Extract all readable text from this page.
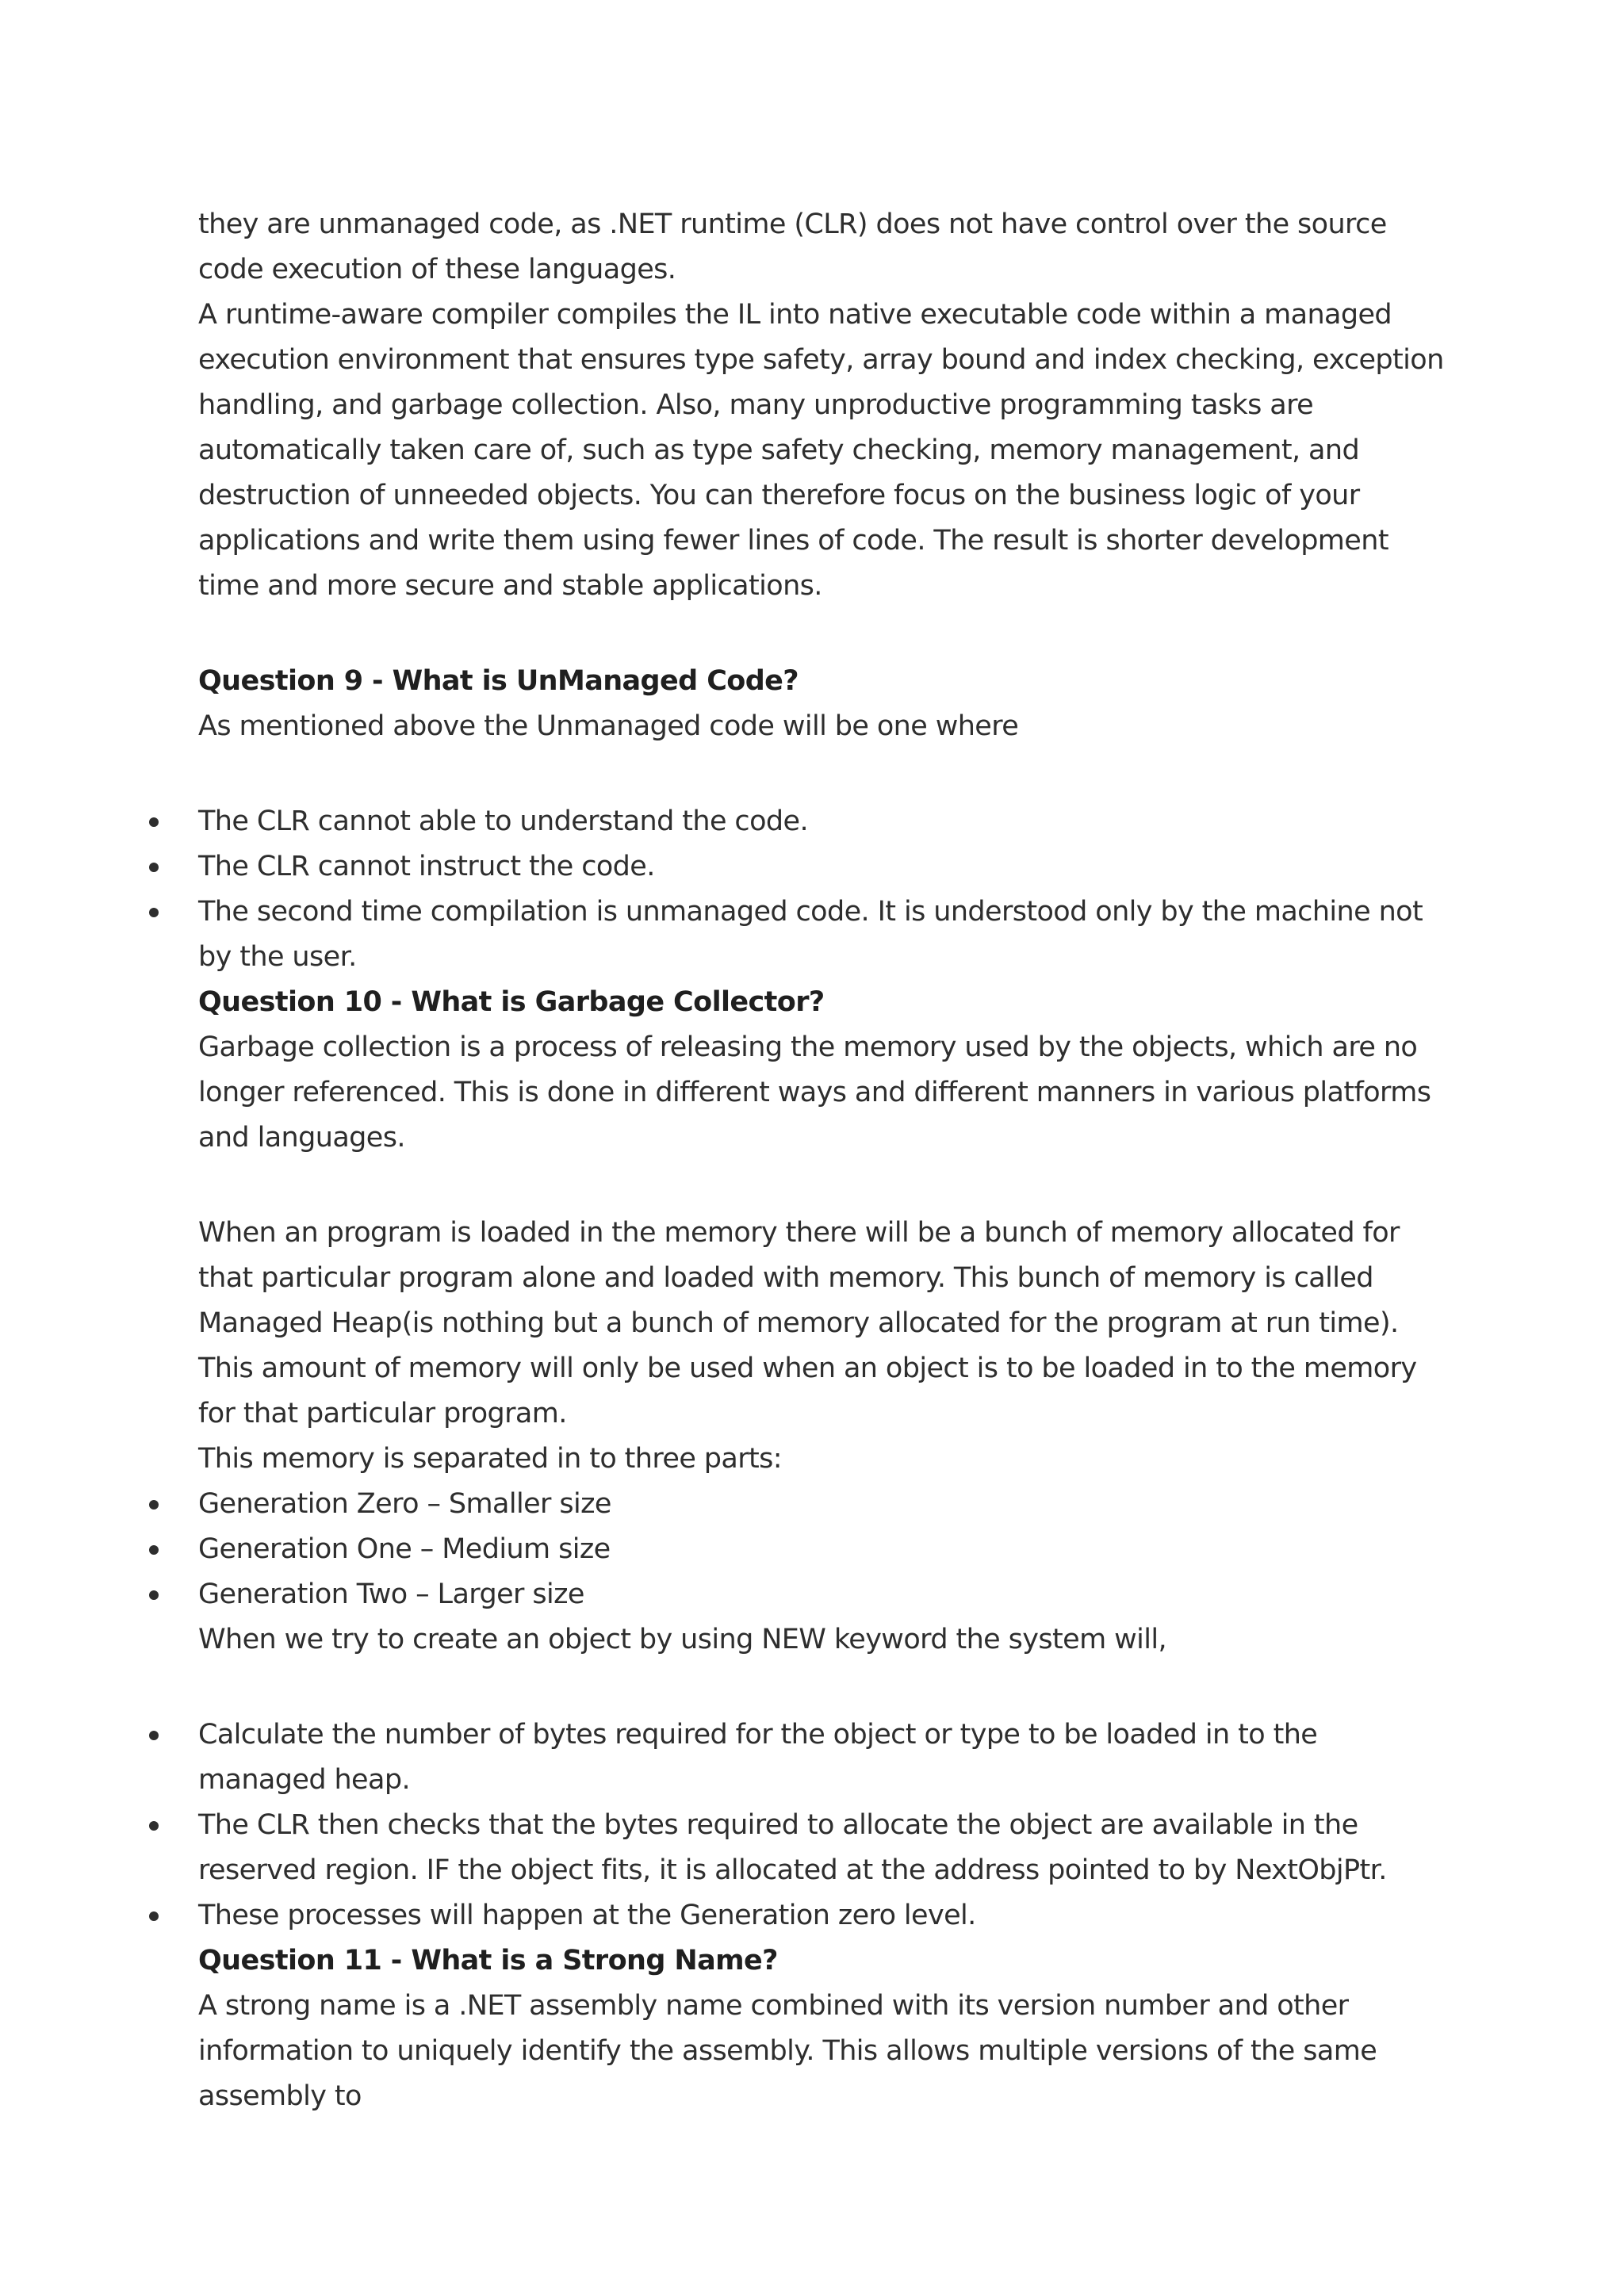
they are unmanaged code, as .NET runtime (CLR) does not have control over the source code execution of these languages.

A runtime-aware compiler compiles the IL into native executable code within a managed execution environment that ensures type safety, array bound and index checking, exception handling, and garbage collection. Also, many unproductive programming tasks are automatically taken care of, such as type safety checking, memory management, and destruction of unneeded objects. You can therefore focus on the business logic of your applications and write them using fewer lines of code. The result is shorter development time and more secure and stable applications.

Question 9 - What is UnManaged Code?

As mentioned above the Unmanaged code will be one where

The CLR cannot able to understand the code.
The CLR cannot instruct the code.
The second time compilation is unmanaged code. It is understood only by the machine not by the user.

Question 10 - What is Garbage Collector?

Garbage collection is a process of releasing the memory used by the objects, which are no longer referenced. This is done in different ways and different manners in various platforms and languages.

When an program is loaded in the memory there will be a bunch of memory allocated for that particular program alone and loaded with memory. This bunch of memory is called Managed Heap(is nothing but a bunch of memory allocated for the program at run time). This amount of memory will only be used when an object is to be loaded in to the memory for that particular program.

This memory is separated in to three parts:

Generation Zero – Smaller size
Generation One – Medium size
Generation Two – Larger size

When we try to create an object by using NEW keyword the system will,

Calculate the number of bytes required for the object or type to be loaded in to the managed heap.
The CLR then checks that the bytes required to allocate the object are available in the reserved region. IF the object fits, it is allocated at the address pointed to by NextObjPtr.
These processes will happen at the Generation zero level.

Question 11 - What is a Strong Name?

A strong name is a .NET assembly name combined with its version number and other information to uniquely identify the assembly. This allows multiple versions of the same assembly to
